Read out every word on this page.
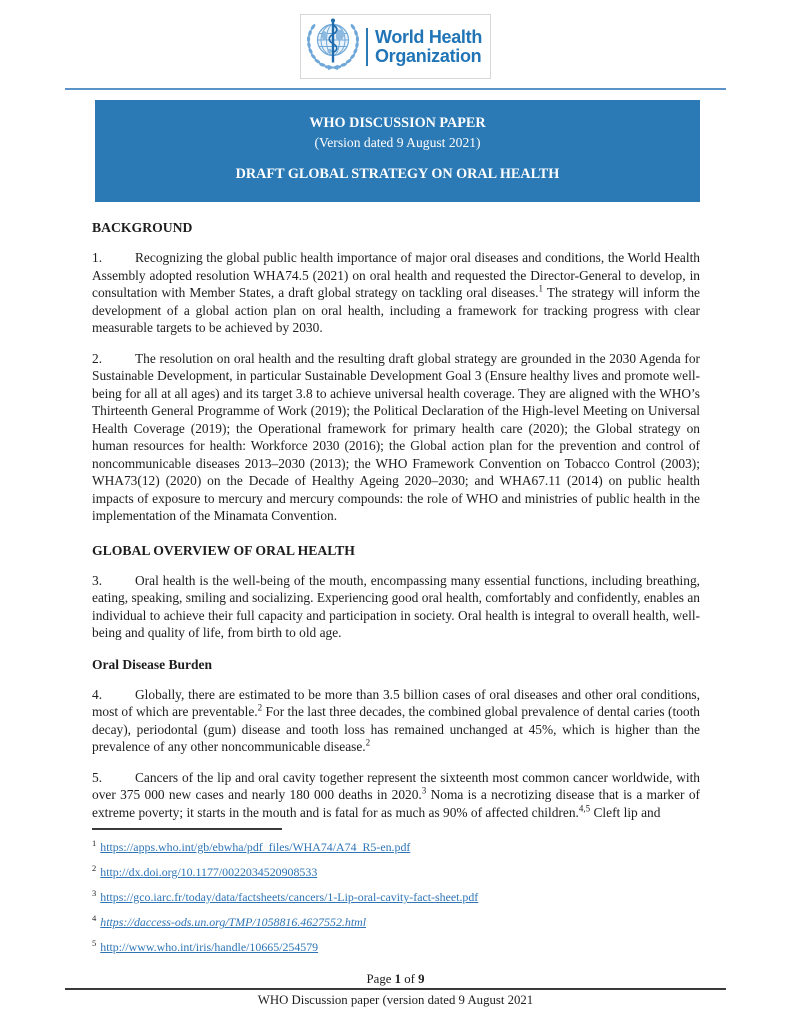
World Health
Organization
WHO DISCUSSION PAPER
(Version dated 9 August 2021)
DRAFT GLOBAL STRATEGY ON ORAL HEALTH
BACKGROUND
1. Recognizing the global public health importance of major oral diseases and conditions, the World Health Assembly adopted resolution WHA74.5 (2021) on oral health and requested the Director-General to develop, in consultation with Member States, a draft global strategy on tackling oral diseases.$^1$ The strategy will inform the development of a global action plan on oral health, including a framework for tracking progress with clear measurable targets to be achieved by 2030.
2. The resolution on oral health and the resulting draft global strategy are grounded in the 2030 Agenda for Sustainable Development, in particular Sustainable Development Goal 3 (Ensure healthy lives and promote well-being for all at all ages) and its target 3.8 to achieve universal health coverage. They are aligned with the WHO’s Thirteenth General Programme of Work (2019); the Political Declaration of the High-level Meeting on Universal Health Coverage (2019); the Operational framework for primary health care (2020); the Global strategy on human resources for health: Workforce 2030 (2016); the Global action plan for the prevention and control of noncommunicable diseases 2013–2030 (2013); the WHO Framework Convention on Tobacco Control (2003); WHA73(12) (2020) on the Decade of Healthy Ageing 2020–2030; and WHA67.11 (2014) on public health impacts of exposure to mercury and mercury compounds: the role of WHO and ministries of public health in the implementation of the Minamata Convention.
GLOBAL OVERVIEW OF ORAL HEALTH
3. Oral health is the well-being of the mouth, encompassing many essential functions, including breathing, eating, speaking, smiling and socializing. Experiencing good oral health, comfortably and confidently, enables an individual to achieve their full capacity and participation in society. Oral health is integral to overall health, well-being and quality of life, from birth to old age.
Oral Disease Burden
4. Globally, there are estimated to be more than 3.5 billion cases of oral diseases and other oral conditions, most of which are preventable.$^2$ For the last three decades, the combined global prevalence of dental caries (tooth decay), periodontal (gum) disease and tooth loss has remained unchanged at 45%, which is higher than the prevalence of any other noncommunicable disease.$^2$
5. Cancers of the lip and oral cavity together represent the sixteenth most common cancer worldwide, with over 375 000 new cases and nearly 180 000 deaths in 2020.$^3$ Noma is a necrotizing disease that is a marker of extreme poverty; it starts in the mouth and is fatal for as much as 90% of affected children.$^{4,5}$ Cleft lip and
$^1$ https://apps.who.int/gb/ebwha/pdf_files/WHA74/A74_R5-en.pdf
$^2$ http://dx.doi.org/10.1177/0022034520908533
$^3$ https://gco.iarc.fr/today/data/factsheets/cancers/1-Lip-oral-cavity-fact-sheet.pdf
$^4$ https://daccess-ods.un.org/TMP/1058816.4627552.html
$^5$ http://www.who.int/iris/handle/10665/254579
Page 1 of 9
WHO Discussion paper (version dated 9 August 2021
